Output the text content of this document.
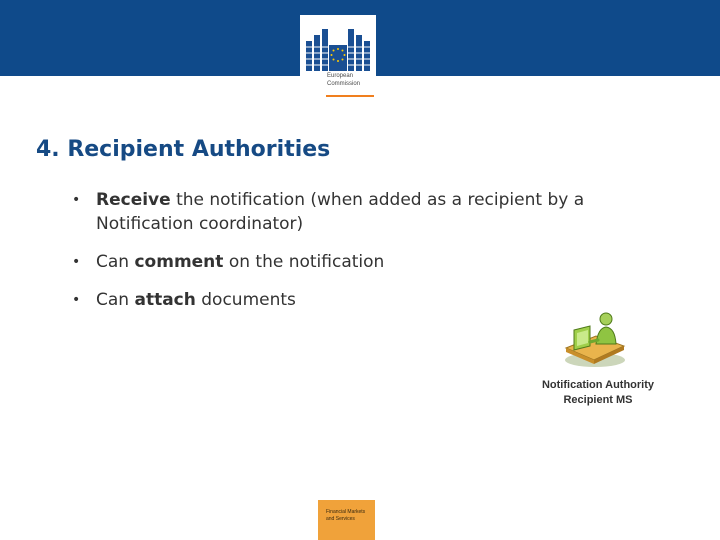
European
Commission
4. Recipient Authorities
• Receive the notification (when added as a recipient by a Notification coordinator)
• Can comment on the notification
• Can attach documents
Notification Authority
Recipient MS
Financial Markets
and Services
